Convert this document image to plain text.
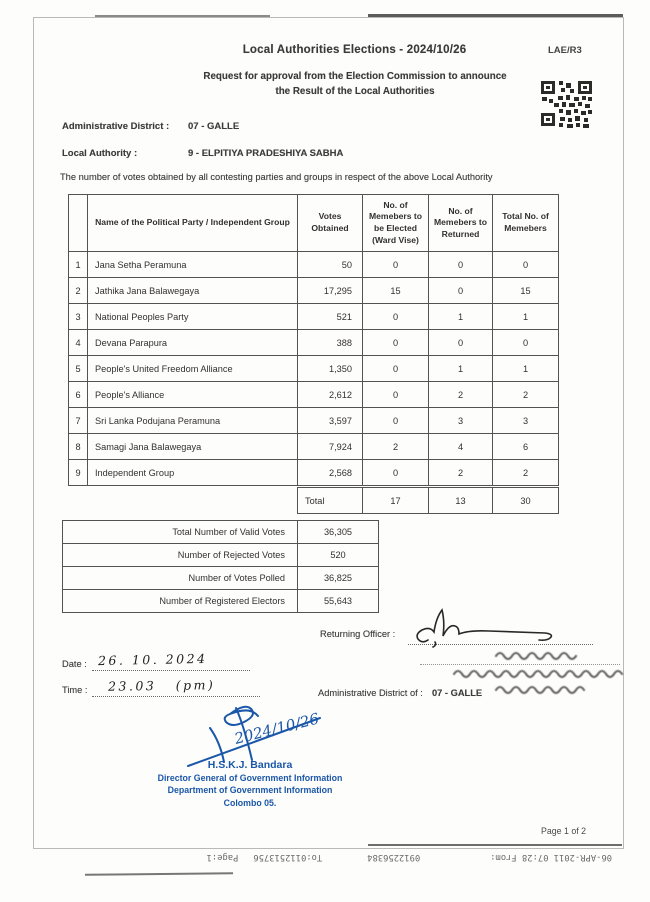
Local Authorities Elections - 2024/10/26	LAE/R3
Request for approval from the Election Commission to announce
the Result of the Local Authorities
Administrative District : 07 - GALLE
Local Authority :	9 - ELPITIYA PRADESHIYA SABHA
The number of votes obtained by all contesting parties and groups in respect of the above Local Authority
	Name of the Political Party / Independent Group	Votes Obtained	No. of Memebers to be Elected (Ward Vise)	No. of Memebers to Returned	Total No. of Memebers
1	Jana Setha Peramuna	50	0	0	0
2	Jathika Jana Balawegaya	17,295	15	0	15
3	National Peoples Party	521	0	1	1
4	Devana Parapura	388	0	0	0
5	People's United Freedom Alliance	1,350	0	1	1
6	People's Alliance	2,612	0	2	2
7	Sri Lanka Podujana Peramuna	3,597	0	3	3
8	Samagi Jana Balawegaya	7,924	2	4	6
9	Independent Group	2,568	0	2	2
Total	17	13	30
Total Number of Valid Votes	36,305
Number of Rejected Votes	520
Number of Votes Polled	36,825
Number of Registered Electors	55,643
Returning Officer :
Date : 26. 10. 2024
Time : 23.03   (pm)	Administrative District of : 07 - GALLE
2024/10/26
H.S.K.J. Bandara
Director General of Government Information
Department of Government Information
Colombo 05.
Page 1 of 2
06-APR-2011 07:28 From:
0912256384
To:0112513756
Page:1
